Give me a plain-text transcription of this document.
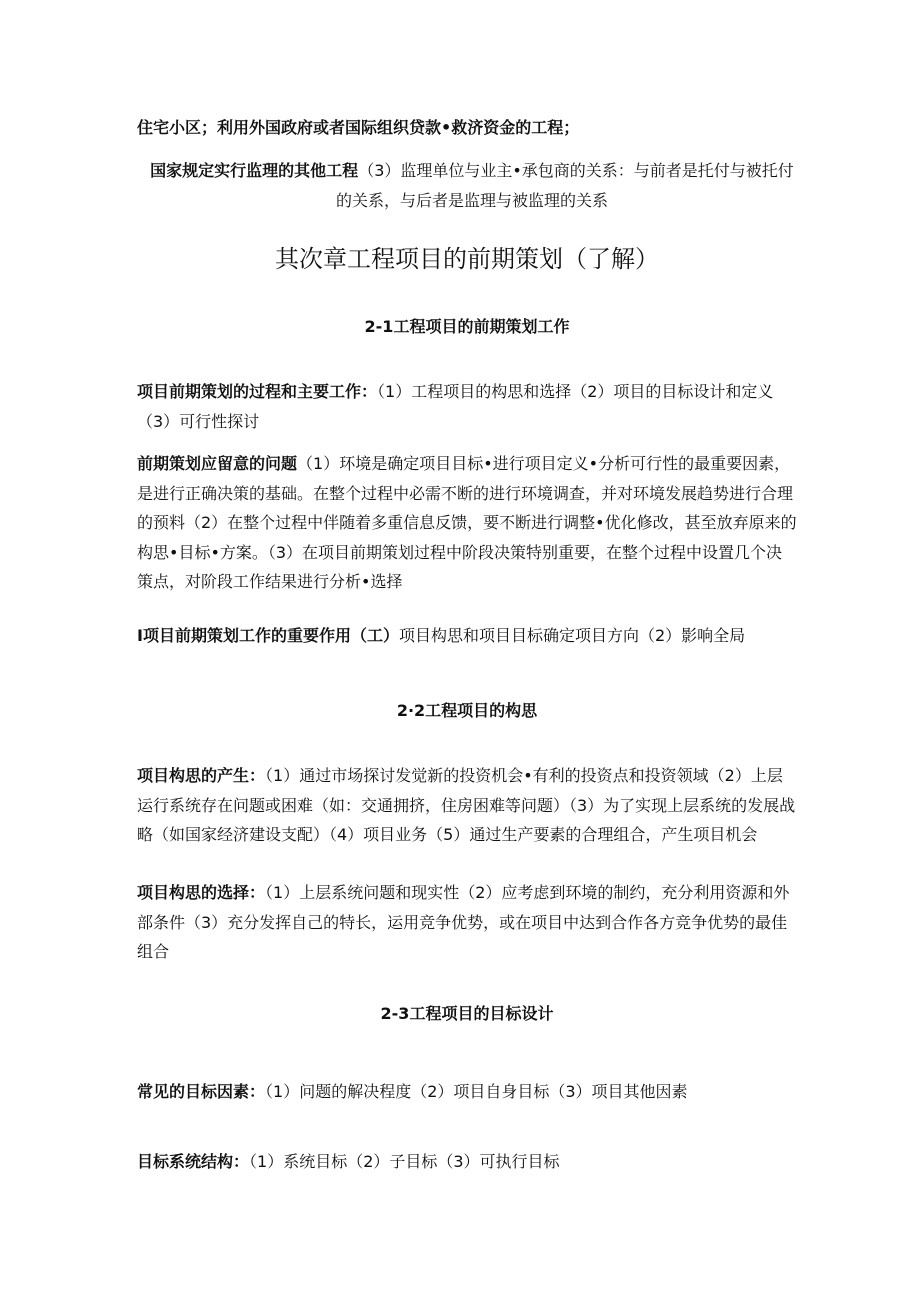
住宅小区；利用外国政府或者国际组织贷款•救济资金的工程；

国家规定实行监理的其他工程（3）监理单位与业主•承包商的关系：与前者是托付与被托付的关系，与后者是监理与被监理的关系

其次章工程项目的前期策划（了解）
2-1工程项目的前期策划工作

项目前期策划的过程和主要工作：（1）工程项目的构思和选择（2）项目的目标设计和定义（3）可行性探讨

前期策划应留意的问题（1）环境是确定项目目标•进行项目定义•分析可行性的最重要因素，是进行正确决策的基础。在整个过程中必需不断的进行环境调查，并对环境发展趋势进行合理的预料（2）在整个过程中伴随着多重信息反馈，要不断进行调整•优化修改，甚至放弃原来的构思•目标•方案。（3）在项目前期策划过程中阶段决策特别重要，在整个过程中设置几个决策点，对阶段工作结果进行分析•选择

I项目前期策划工作的重要作用（工）项目构思和项目目标确定项目方向（2）影响全局

2·2工程项目的构思

项目构思的产生：（1）通过市场探讨发觉新的投资机会•有利的投资点和投资领域（2）上层运行系统存在问题或困难（如：交通拥挤，住房困难等问题）（3）为了实现上层系统的发展战略（如国家经济建设支配）（4）项目业务（5）通过生产要素的合理组合，产生项目机会

项目构思的选择：（1）上层系统问题和现实性（2）应考虑到环境的制约，充分利用资源和外部条件（3）充分发挥自己的特长，运用竞争优势，或在项目中达到合作各方竞争优势的最佳组合

2-3工程项目的目标设计

常见的目标因素：（1）问题的解决程度（2）项目自身目标（3）项目其他因素

目标系统结构：（1）系统目标（2）子目标（3）可执行目标
